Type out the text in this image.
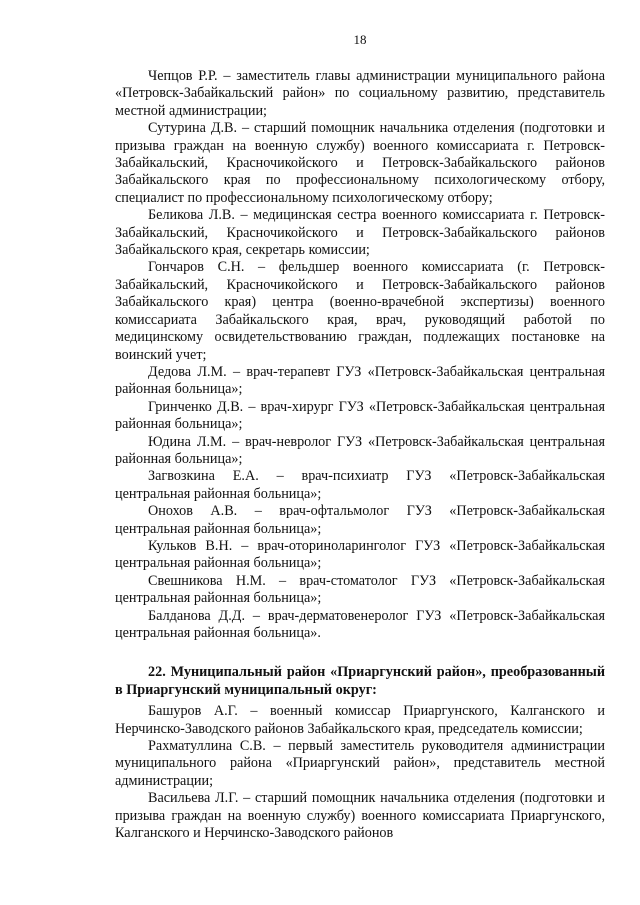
18

Чепцов Р.Р. – заместитель главы администрации муниципального района «Петровск-Забайкальский район» по социальному развитию, представитель местной администрации;

Сутурина Д.В. – старший помощник начальника отделения (подготовки и призыва граждан на военную службу) военного комиссариата г. Петровск-Забайкальский, Красночикойского и Петровск-Забайкальского районов Забайкальского края по профессиональному психологическому отбору, специалист по профессиональному психологическому отбору;

Беликова Л.В. – медицинская сестра военного комиссариата г. Петровск-Забайкальский, Красночикойского и Петровск-Забайкальского районов Забайкальского края, секретарь комиссии;

Гончаров С.Н. – фельдшер военного комиссариата (г. Петровск-Забайкальский, Красночикойского и Петровск-Забайкальского районов Забайкальского края) центра (военно-врачебной экспертизы) военного комиссариата Забайкальского края, врач, руководящий работой по медицинскому освидетельствованию граждан, подлежащих постановке на воинский учет;

Дедова Л.М. – врач-терапевт ГУЗ «Петровск-Забайкальская центральная районная больница»;

Гринченко Д.В. – врач-хирург ГУЗ «Петровск-Забайкальская центральная районная больница»;

Юдина Л.М. – врач-невролог ГУЗ «Петровск-Забайкальская центральная районная больница»;

Загвозкина Е.А. – врач-психиатр ГУЗ «Петровск-Забайкальская центральная районная больница»;

Онохов А.В. – врач-офтальмолог ГУЗ «Петровск-Забайкальская центральная районная больница»;

Кульков В.Н. – врач-оториноларинголог ГУЗ «Петровск-Забайкальская центральная районная больница»;

Свешникова Н.М. – врач-стоматолог ГУЗ «Петровск-Забайкальская центральная районная больница»;

Балданова Д.Д. – врач-дерматовенеролог ГУЗ «Петровск-Забайкальская центральная районная больница».

22. Муниципальный район «Приаргунский район», преобразованный в Приаргунский муниципальный округ:

Башуров А.Г. – военный комиссар Приаргунского, Калганского и Нерчинско-Заводского районов Забайкальского края, председатель комиссии;

Рахматуллина С.В. – первый заместитель руководителя администрации муниципального района «Приаргунский район», представитель местной администрации;

Васильева Л.Г. – старший помощник начальника отделения (подготовки и призыва граждан на военную службу) военного комиссариата Приаргунского, Калганского и Нерчинско-Заводского районов
